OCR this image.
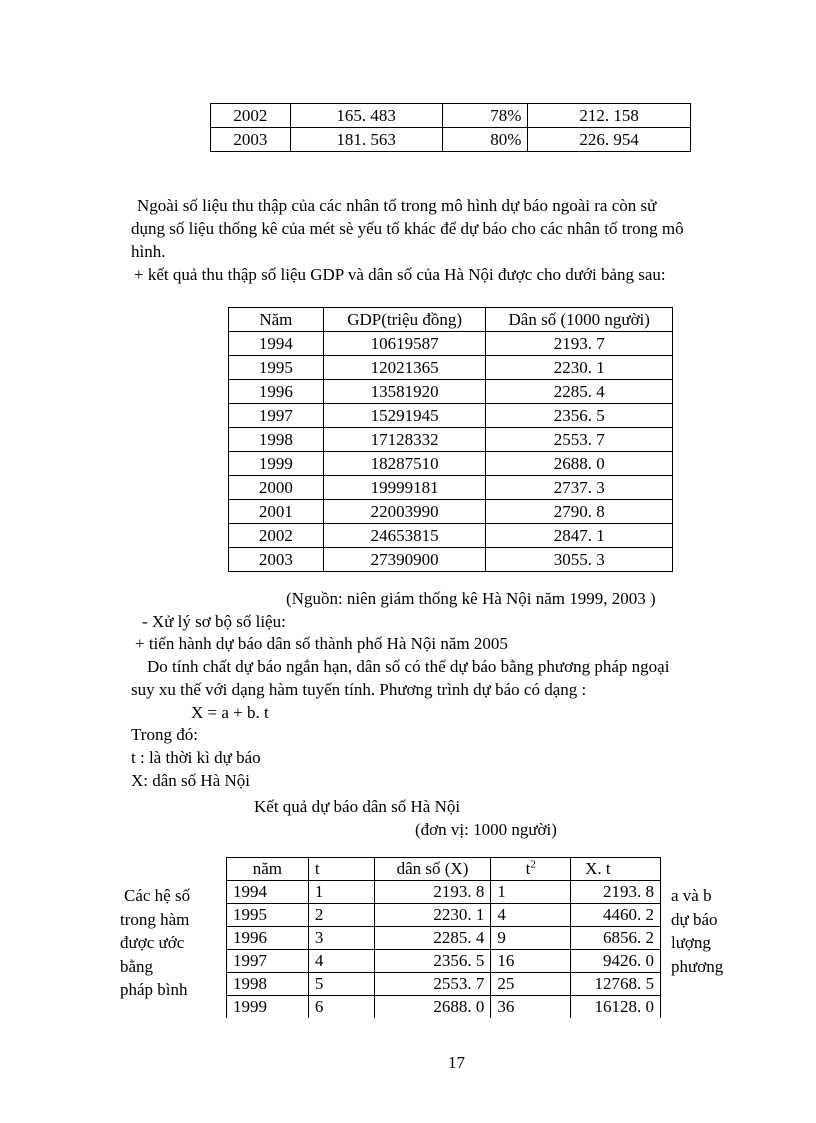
2002	165. 483	78%	212. 158
2003	181. 563	80%	226. 954
Ngoài số liệu thu thập của các nhân tố trong mô hình dự báo ngoài ra còn sử
dụng số liệu thống kê của mét sè yếu tố khác để dự báo cho các nhân tố trong mô
hình.
+ kết quả thu thập số liệu GDP và dân số của Hà Nội được cho dưới bảng sau:
Năm	GDP(triệu đồng)	Dân số (1000 người)
1994	10619587	2193. 7
1995	12021365	2230. 1
1996	13581920	2285. 4
1997	15291945	2356. 5
1998	17128332	2553. 7
1999	18287510	2688. 0
2000	19999181	2737. 3
2001	22003990	2790. 8
2002	24653815	2847. 1
2003	27390900	3055. 3
(Nguồn: niên giám thống kê Hà Nội năm 1999, 2003 )
- Xử lý sơ bộ số liệu:
+ tiến hành dự báo dân số thành phố Hà Nội năm 2005
Do tính chất dự báo ngắn hạn, dân số có thể dự báo bằng phương pháp ngoại
suy xu thế với dạng hàm tuyến tính. Phương trình dự báo có dạng :
X = a + b. t
Trong đó:
t : là thời kì dự báo
X: dân số Hà Nội
Kết quả dự báo dân số Hà Nội
(đơn vị: 1000 người)
năm	t	dân số (X)	$t^2$	X. t
1994	1	2193. 8	1	2193. 8
1995	2	2230. 1	4	4460. 2
1996	3	2285. 4	9	6856. 2
1997	4	2356. 5	16	9426. 0
1998	5	2553. 7	25	12768. 5
1999	6	2688. 0	36	16128. 0
Các hệ số
trong hàm
được ước
bằng
pháp bình
a và b
dự báo
lượng
phương
17
